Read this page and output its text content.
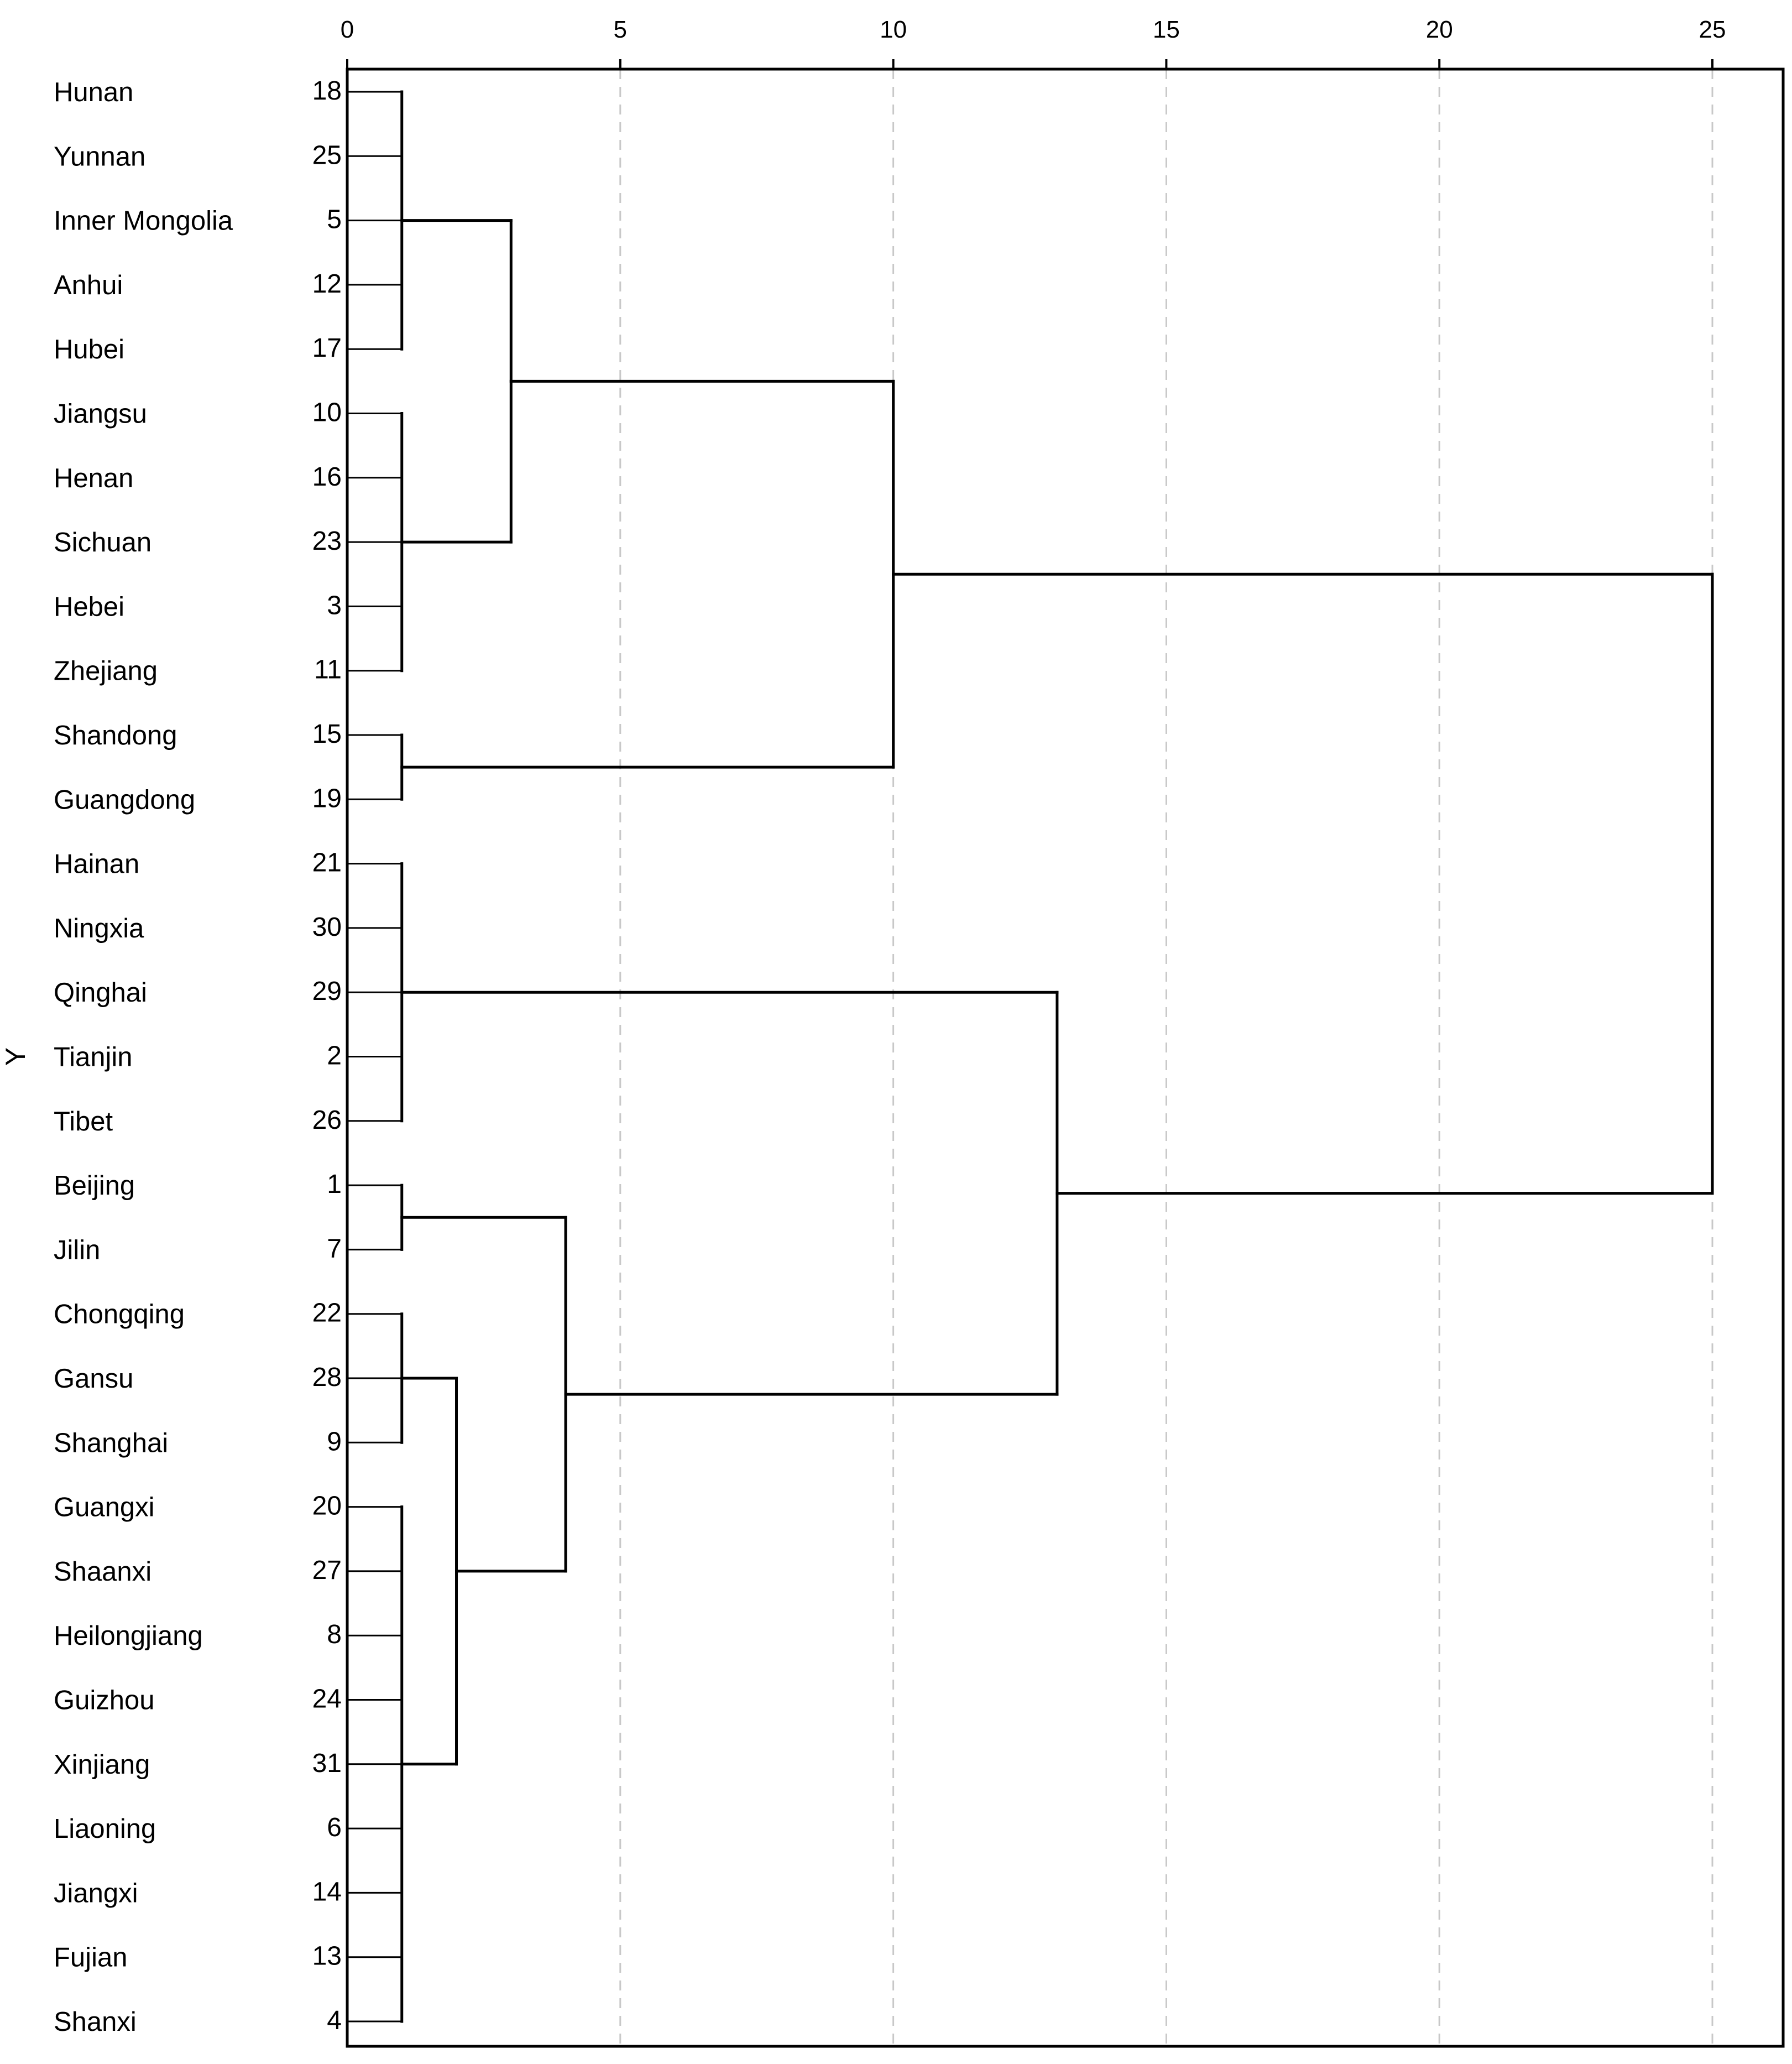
0	5	10	15	20	25
Hunan	18
Yunnan	25
Inner Mongolia	5
Anhui	12
Hubei	17
Jiangsu	10
Henan	16
Sichuan	23
Hebei	3
Zhejiang	11
Shandong	15
Guangdong	19
Hainan	21
Ningxia	30
Qinghai	29
Tianjin	2
Tibet	26
Beijing	1
Jilin	7
Chongqing	22
Gansu	28
Shanghai	9
Guangxi	20
Shaanxi	27
Heilongjiang	8
Guizhou	24
Xinjiang	31
Liaoning	6
Jiangxi	14
Fujian	13
Shanxi	4
Y
